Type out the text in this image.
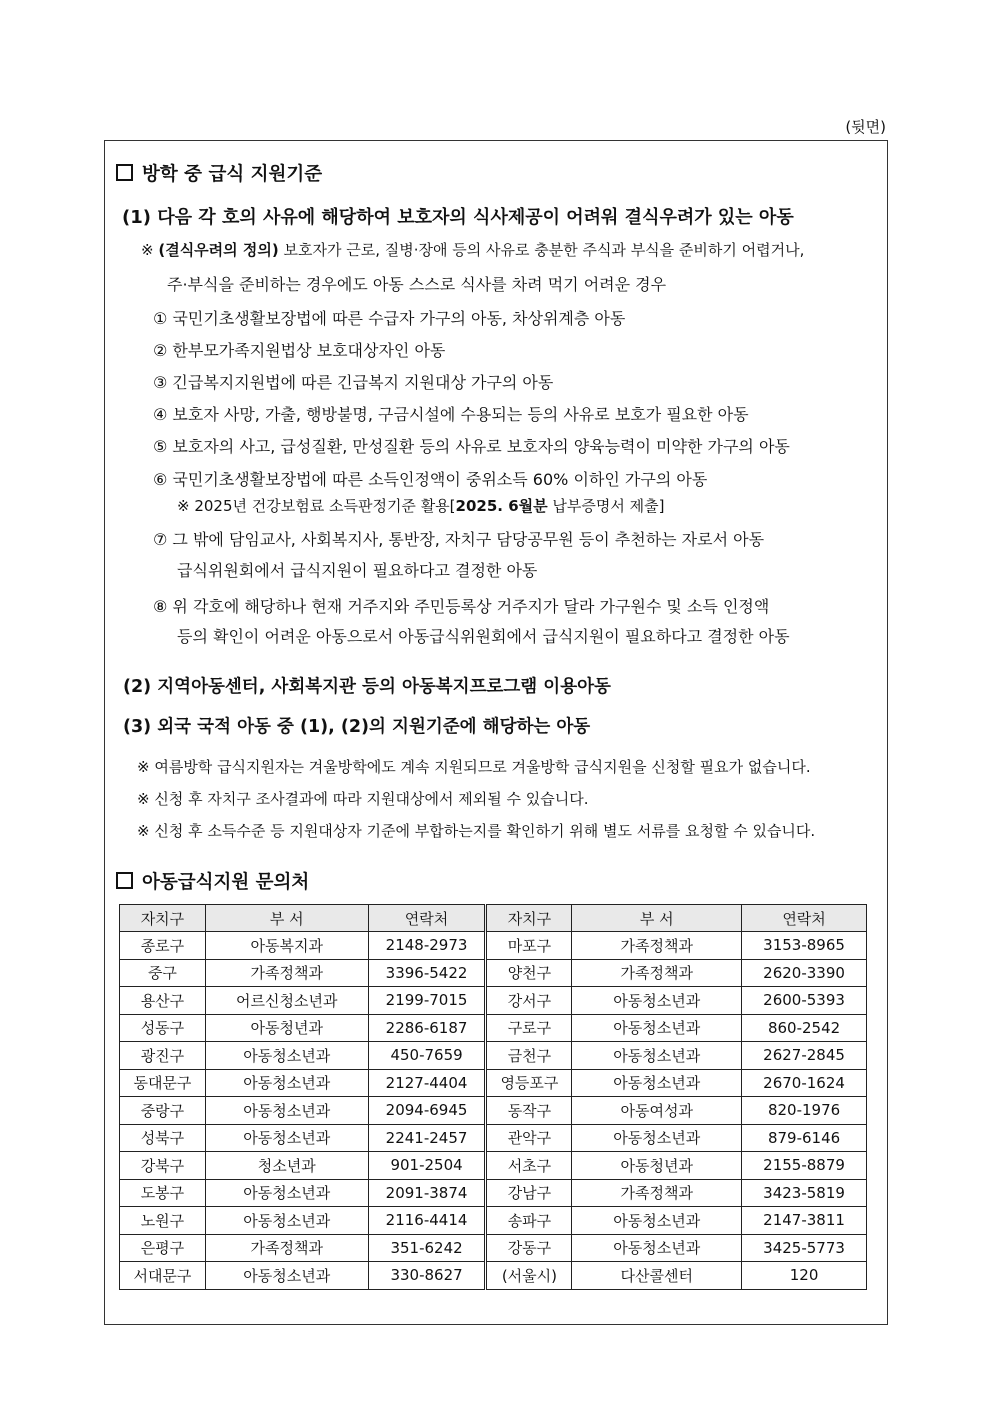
(뒷면)
방학 중 급식 지원기준
(1) 다음 각 호의 사유에 해당하여 보호자의 식사제공이 어려워 결식우려가 있는 아동
※ (결식우려의 정의) 보호자가 근로, 질병·장애 등의 사유로 충분한 주식과 부식을 준비하기 어렵거나,
주·부식을 준비하는 경우에도 아동 스스로 식사를 차려 먹기 어려운 경우
① 국민기초생활보장법에 따른 수급자 가구의 아동, 차상위계층 아동
② 한부모가족지원법상 보호대상자인 아동
③ 긴급복지지원법에 따른 긴급복지 지원대상 가구의 아동
④ 보호자 사망, 가출, 행방불명, 구금시설에 수용되는 등의 사유로 보호가 필요한 아동
⑤ 보호자의 사고, 급성질환, 만성질환 등의 사유로 보호자의 양육능력이 미약한 가구의 아동
⑥ 국민기초생활보장법에 따른 소득인정액이 중위소득 60% 이하인 가구의 아동
※ 2025년 건강보험료 소득판정기준 활용[2025. 6월분 납부증명서 제출]
⑦ 그 밖에 담임교사, 사회복지사, 통반장, 자치구 담당공무원 등이 추천하는 자로서 아동
급식위원회에서 급식지원이 필요하다고 결정한 아동
⑧ 위 각호에 해당하나 현재 거주지와 주민등록상 거주지가 달라 가구원수 및 소득 인정액
등의 확인이 어려운 아동으로서 아동급식위원회에서 급식지원이 필요하다고 결정한 아동
(2) 지역아동센터, 사회복지관 등의 아동복지프로그램 이용아동
(3) 외국 국적 아동 중 (1), (2)의 지원기준에 해당하는 아동
※ 여름방학 급식지원자는 겨울방학에도 계속 지원되므로 겨울방학 급식지원을 신청할 필요가 없습니다.
※ 신청 후 자치구 조사결과에 따라 지원대상에서 제외될 수 있습니다.
※ 신청 후 소득수준 등 지원대상자 기준에 부합하는지를 확인하기 위해 별도 서류를 요청할 수 있습니다.
아동급식지원 문의처
자치구	부 서	연락처	자치구	부 서	연락처
종로구	아동복지과	2148-2973	마포구	가족정책과	3153-8965
중구	가족정책과	3396-5422	양천구	가족정책과	2620-3390
용산구	어르신청소년과	2199-7015	강서구	아동청소년과	2600-5393
성동구	아동청년과	2286-6187	구로구	아동청소년과	860-2542
광진구	아동청소년과	450-7659	금천구	아동청소년과	2627-2845
동대문구	아동청소년과	2127-4404	영등포구	아동청소년과	2670-1624
중랑구	아동청소년과	2094-6945	동작구	아동여성과	820-1976
성북구	아동청소년과	2241-2457	관악구	아동청소년과	879-6146
강북구	청소년과	901-2504	서초구	아동청년과	2155-8879
도봉구	아동청소년과	2091-3874	강남구	가족정책과	3423-5819
노원구	아동청소년과	2116-4414	송파구	아동청소년과	2147-3811
은평구	가족정책과	351-6242	강동구	아동청소년과	3425-5773
서대문구	아동청소년과	330-8627	(서울시)	다산콜센터	120
